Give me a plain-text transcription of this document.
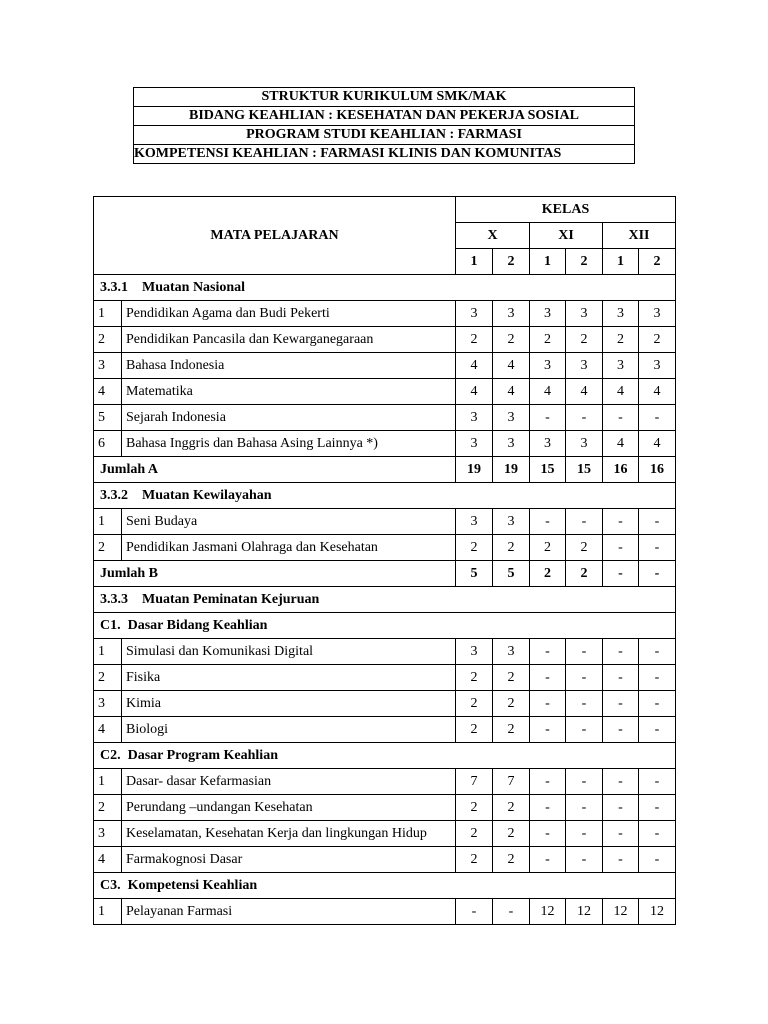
STRUKTUR KURIKULUM SMK/MAK
BIDANG KEAHLIAN : KESEHATAN DAN PEKERJA SOSIAL
PROGRAM STUDI KEAHLIAN : FARMASI
KOMPETENSI KEAHLIAN : FARMASI KLINIS DAN KOMUNITAS
MATA PELAJARAN		KELAS					
		X		XI		XII	
		1	2	1	2	1	2
3.3.1    Muatan Nasional							
1	Pendidikan Agama dan Budi Pekerti	3	3	3	3	3	3
2	Pendidikan Pancasila dan Kewarganegaraan	2	2	2	2	2	2
3	Bahasa Indonesia	4	4	3	3	3	3
4	Matematika	4	4	4	4	4	4
5	Sejarah Indonesia	3	3	-	-	-	-
6	Bahasa Inggris dan Bahasa Asing Lainnya *)	3	3	3	3	4	4
Jumlah A		19	19	15	15	16	16
3.3.2    Muatan Kewilayahan							
1	Seni Budaya	3	3	-	-	-	-
2	Pendidikan Jasmani Olahraga dan Kesehatan	2	2	2	2	-	-
Jumlah B		5	5	2	2	-	-
3.3.3    Muatan Peminatan Kejuruan							
C1.  Dasar Bidang Keahlian							
1	Simulasi dan Komunikasi Digital	3	3	-	-	-	-
2	Fisika	2	2	-	-	-	-
3	Kimia	2	2	-	-	-	-
4	Biologi	2	2	-	-	-	-
C2.  Dasar Program Keahlian							
1	Dasar- dasar Kefarmasian	7	7	-	-	-	-
2	Perundang –undangan Kesehatan	2	2	-	-	-	-
3	Keselamatan, Kesehatan Kerja dan lingkungan Hidup	2	2	-	-	-	-
4	Farmakognosi Dasar	2	2	-	-	-	-
C3.  Kompetensi Keahlian							
1	Pelayanan Farmasi	-	-	12	12	12	12
